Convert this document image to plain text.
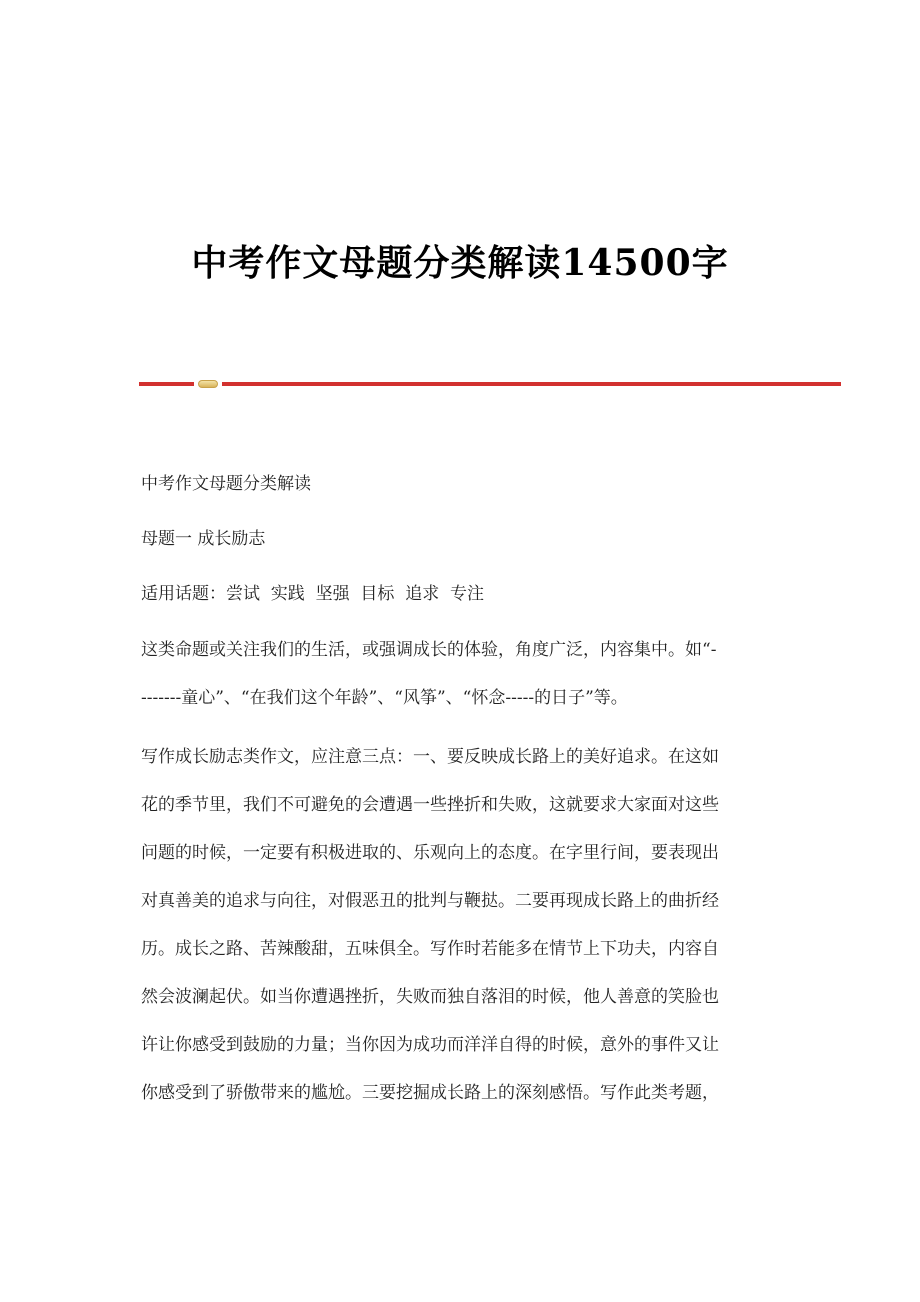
中考作文母题分类解读14500字

中考作文母题分类解读

母题一 成长励志

适用话题：尝试  实践  坚强  目标  追求  专注

这类命题或关注我们的生活，或强调成长的体验，角度广泛，内容集中。如“-
-------童心”、“在我们这个年龄”、“风筝”、“怀念-----的日子”等。

写作成长励志类作文，应注意三点：一、要反映成长路上的美好追求。在这如
花的季节里，我们不可避免的会遭遇一些挫折和失败，这就要求大家面对这些
问题的时候，一定要有积极进取的、乐观向上的态度。在字里行间，要表现出
对真善美的追求与向往，对假恶丑的批判与鞭挞。二要再现成长路上的曲折经
历。成长之路、苦辣酸甜，五味俱全。写作时若能多在情节上下功夫，内容自
然会波澜起伏。如当你遭遇挫折，失败而独自落泪的时候，他人善意的笑脸也
许让你感受到鼓励的力量；当你因为成功而洋洋自得的时候，意外的事件又让
你感受到了骄傲带来的尴尬。三要挖掘成长路上的深刻感悟。写作此类考题，
